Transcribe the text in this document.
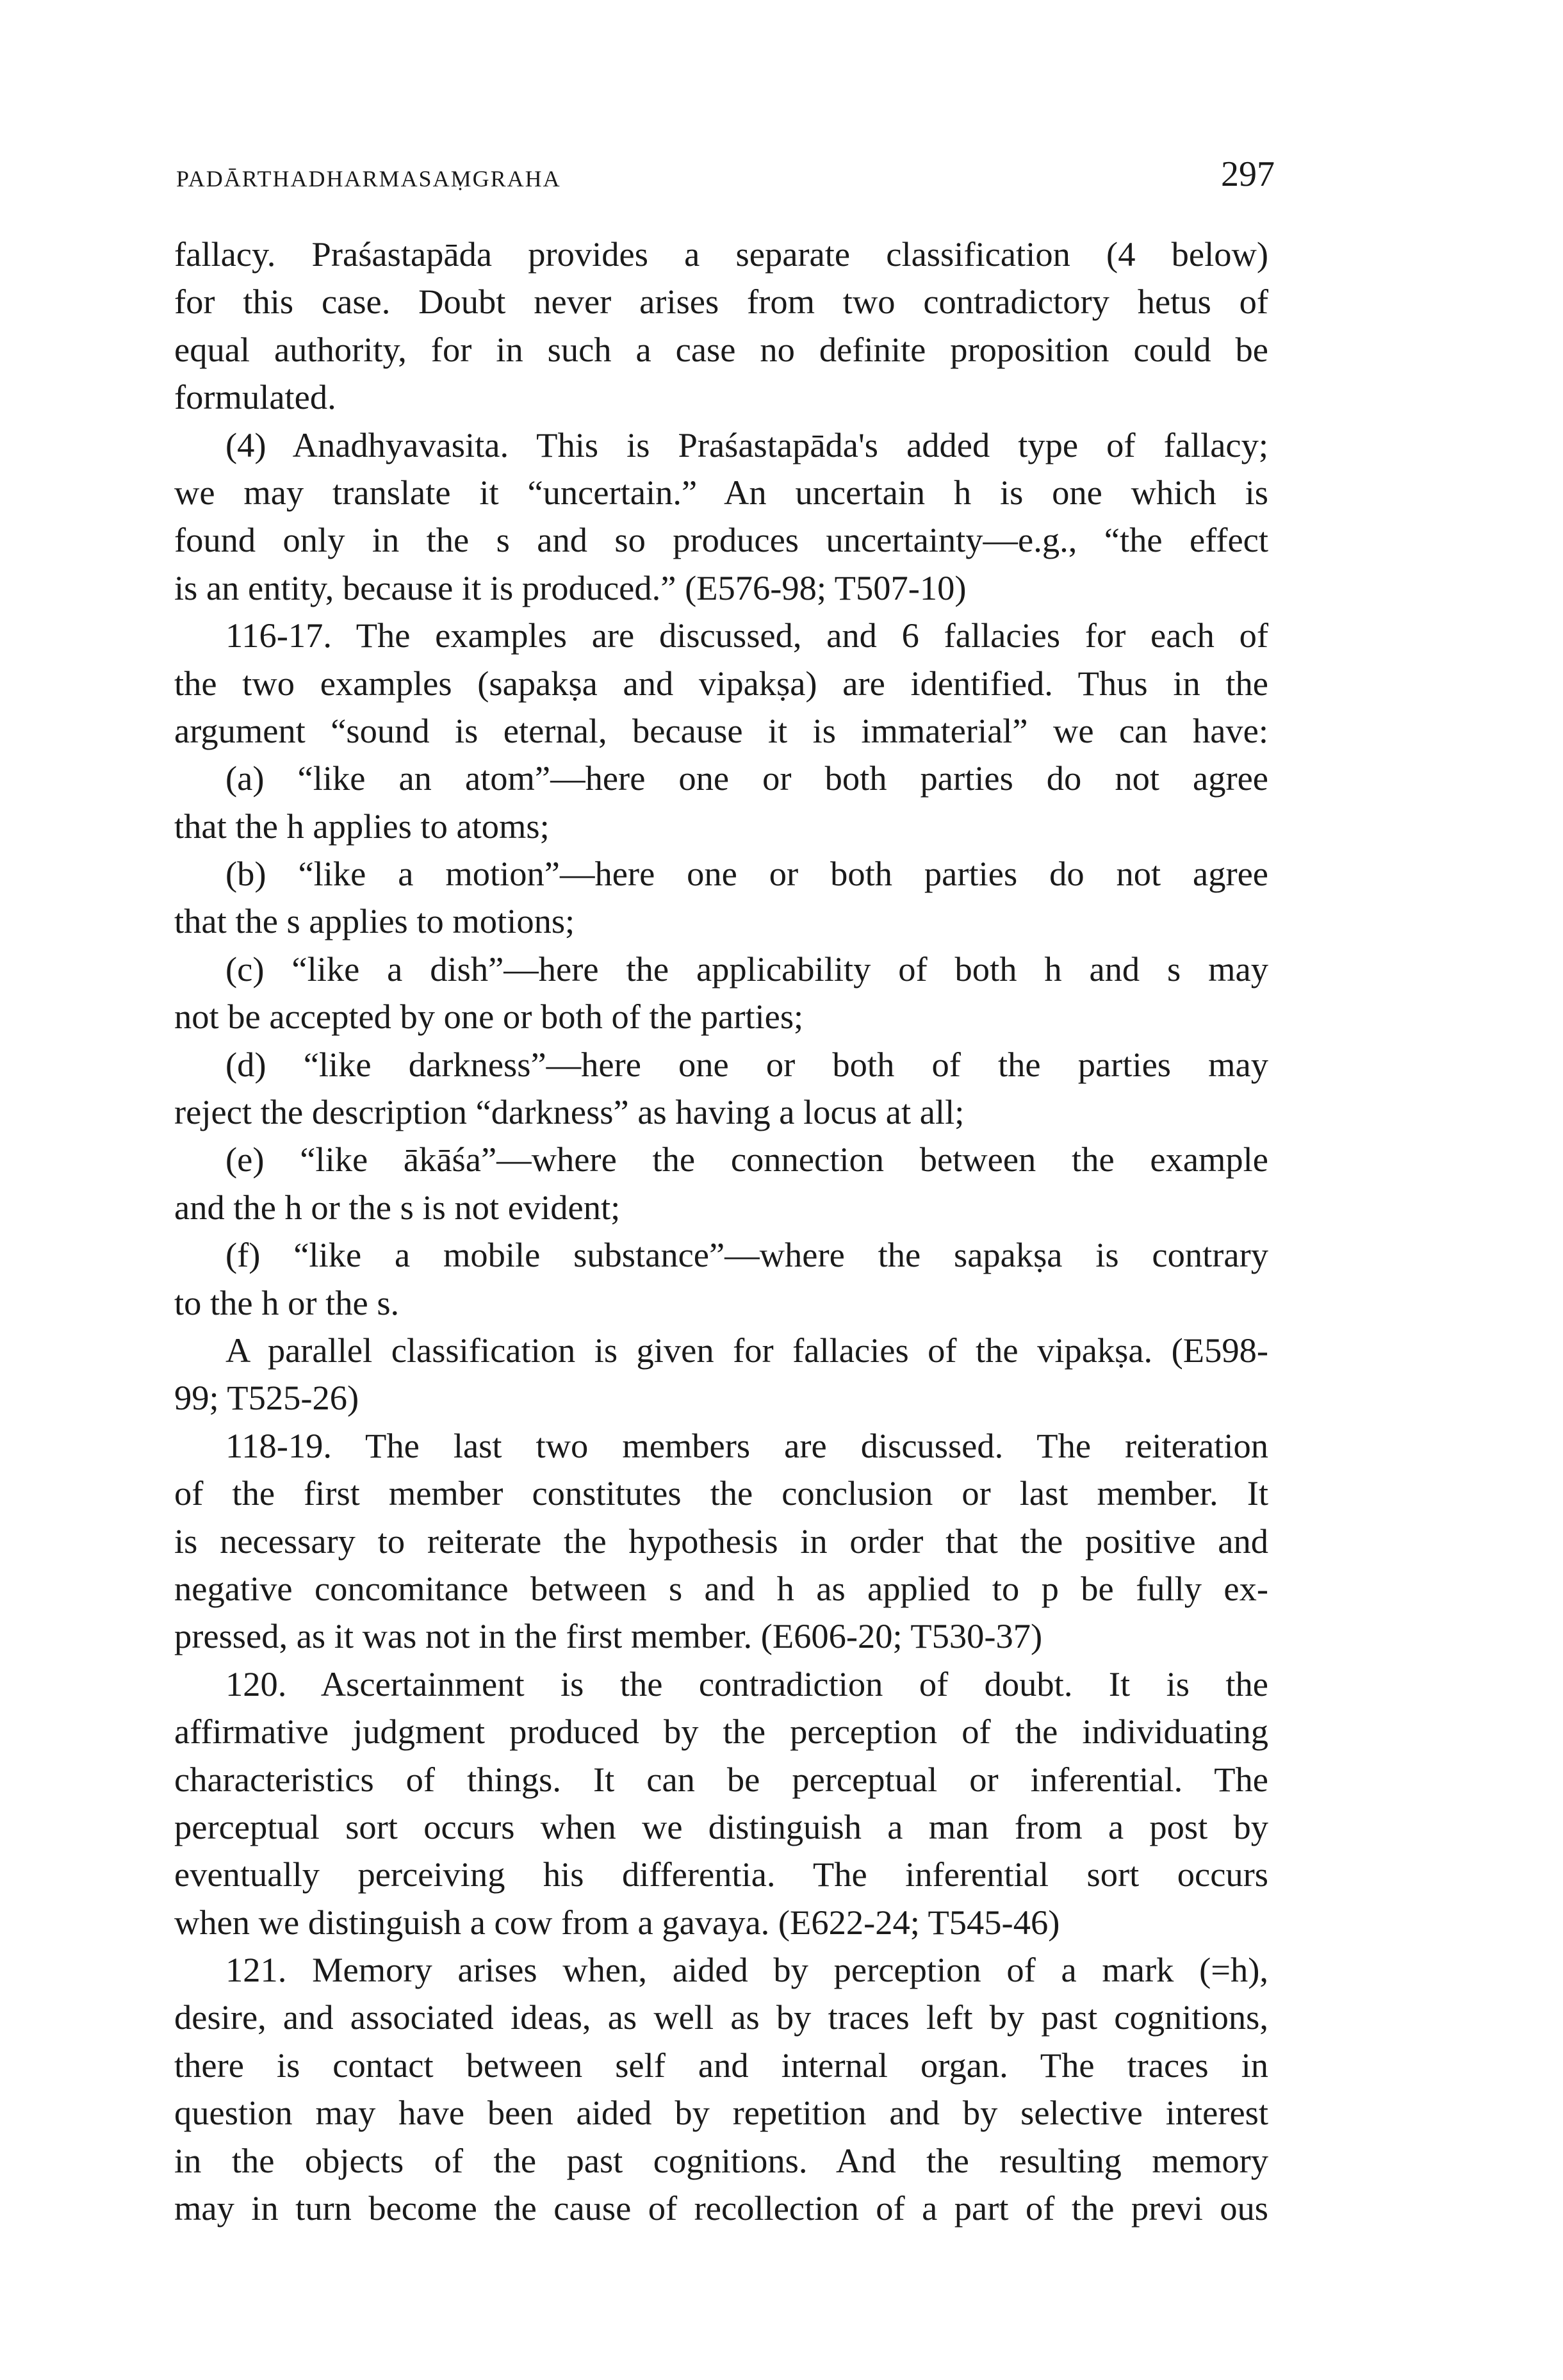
PADĀRTHADHARMASAṂGRAHA	297
fallacy. Praśastapāda provides a separate classification (4 below)
for this case. Doubt never arises from two contradictory hetus of
equal authority, for in such a case no definite proposition could be
formulated.
(4) Anadhyavasita. This is Praśastapāda's added type of fallacy;
we may translate it “uncertain.” An uncertain h is one which is
found only in the s and so produces uncertainty—e.g., “the effect
is an entity, because it is produced.” (E576-98; T507-10)
116-17. The examples are discussed, and 6 fallacies for each of
the two examples (sapakṣa and vipakṣa) are identified. Thus in the
argument “sound is eternal, because it is immaterial” we can have:
(a) “like an atom”—here one or both parties do not agree
that the h applies to atoms;
(b) “like a motion”—here one or both parties do not agree
that the s applies to motions;
(c) “like a dish”—here the applicability of both h and s may
not be accepted by one or both of the parties;
(d) “like darkness”—here one or both of the parties may
reject the description “darkness” as having a locus at all;
(e) “like ākāśa”—where the connection between the example
and the h or the s is not evident;
(f) “like a mobile substance”—where the sapakṣa is contrary
to the h or the s.
A parallel classification is given for fallacies of the vipakṣa. (E598-
99; T525-26)
118-19. The last two members are discussed. The reiteration
of the first member constitutes the conclusion or last member. It
is necessary to reiterate the hypothesis in order that the positive and
negative concomitance between s and h as applied to p be fully ex-
pressed, as it was not in the first member. (E606-20; T530-37)
120. Ascertainment is the contradiction of doubt. It is the
affirmative judgment produced by the perception of the individuating
characteristics of things. It can be perceptual or inferential. The
perceptual sort occurs when we distinguish a man from a post by
eventually perceiving his differentia. The inferential sort occurs
when we distinguish a cow from a gavaya. (E622-24; T545-46)
121. Memory arises when, aided by perception of a mark (=h),
desire, and associated ideas, as well as by traces left by past cognitions,
there is contact between self and internal organ. The traces in
question may have been aided by repetition and by selective interest
in the objects of the past cognitions. And the resulting memory
may in turn become the cause of recollection of a part of the previ ous
